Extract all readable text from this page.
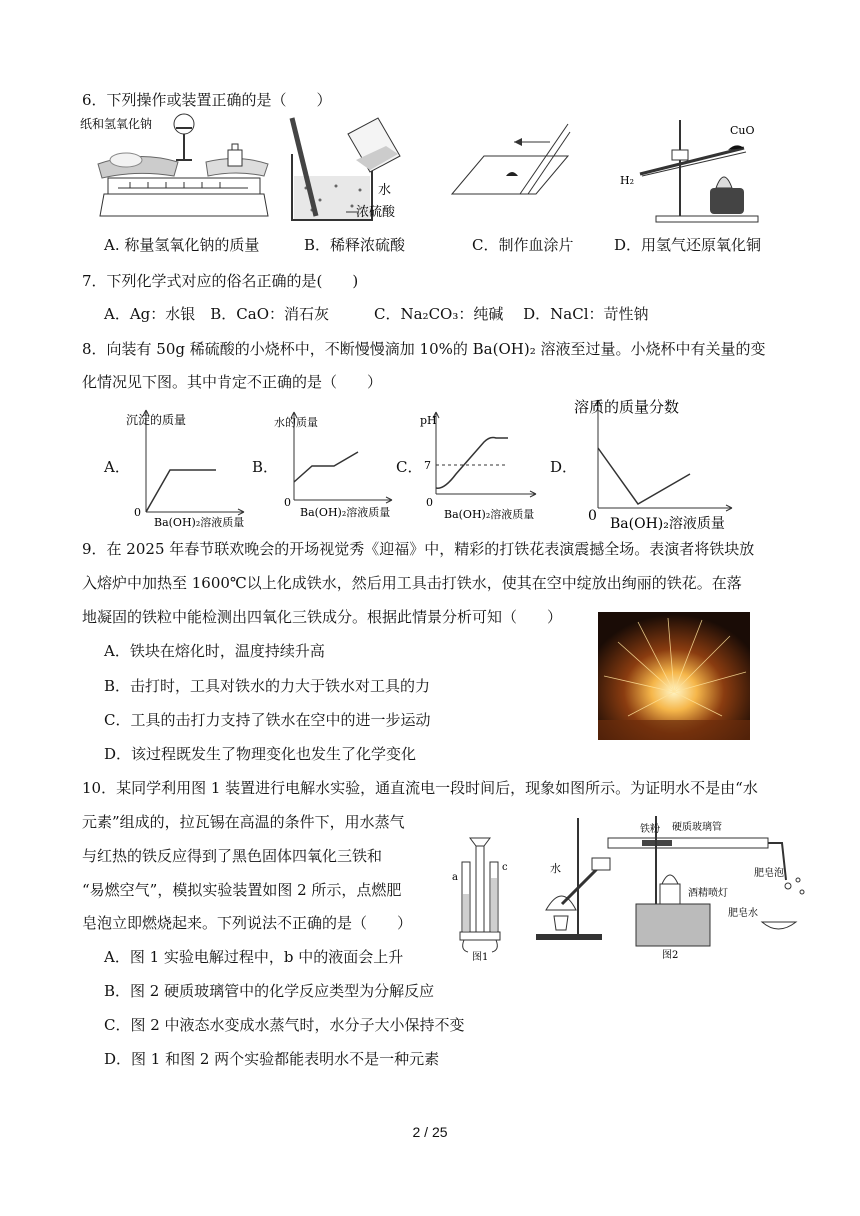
6．下列操作或装置正确的是（　　）
纸和氢氧化钠
水
浓硫酸
CuO
H₂
A. 称量氢氧化钠的质量	B．稀释浓硫酸	C．制作血涂片	D．用氢气还原氧化铜
7．下列化学式对应的俗名正确的是(　　)
A．Ag：水银　B．CaO：消石灰　　　C．Na₂CO₃：纯碱　 D．NaCl：苛性钠
8．向装有 50g 稀硫酸的小烧杯中，不断慢慢滴加 10%的 Ba(OH)₂ 溶液至过量。小烧杯中有关量的变
化情况见下图。其中肯定不正确的是（　　）
A．
沉淀的质量
0
Ba(OH)₂溶液质量
B．
水的质量
0
Ba(OH)₂溶液质量
C．
pH
7
0
Ba(OH)₂溶液质量
D．
溶质的质量分数
0 Ba(OH)₂溶液质量
9．在 2025 年春节联欢晚会的开场视觉秀《迎福》中，精彩的打铁花表演震撼全场。表演者将铁块放
入熔炉中加热至 1600℃以上化成铁水，然后用工具击打铁水，使其在空中绽放出绚丽的铁花。在落
地凝固的铁粒中能检测出四氧化三铁成分。根据此情景分析可知（　　）
A．铁块在熔化时，温度持续升高
B．击打时，工具对铁水的力大于铁水对工具的力
C．工具的击打力支持了铁水在空中的进一步运动
D．该过程既发生了物理变化也发生了化学变化
10．某同学利用图 1 装置进行电解水实验，通直流电一段时间后，现象如图所示。为证明水不是由“水
元素”组成的，拉瓦锡在高温的条件下，用水蒸气
与红热的铁反应得到了黑色固体四氧化三铁和
“易燃空气”，模拟实验装置如图 2 所示，点燃肥
皂泡立即燃烧起来。下列说法不正确的是（　　）
A．图 1 实验电解过程中，b 中的液面会上升
B．图 2 硬质玻璃管中的化学反应类型为分解反应
C．图 2 中液态水变成水蒸气时，水分子大小保持不变
D．图 1 和图 2 两个实验都能表明水不是一种元素
a
c
图1
水
铁粉 硬质玻璃管
酒精喷灯
肥皂泡
肥皂水
图2
2 / 25
